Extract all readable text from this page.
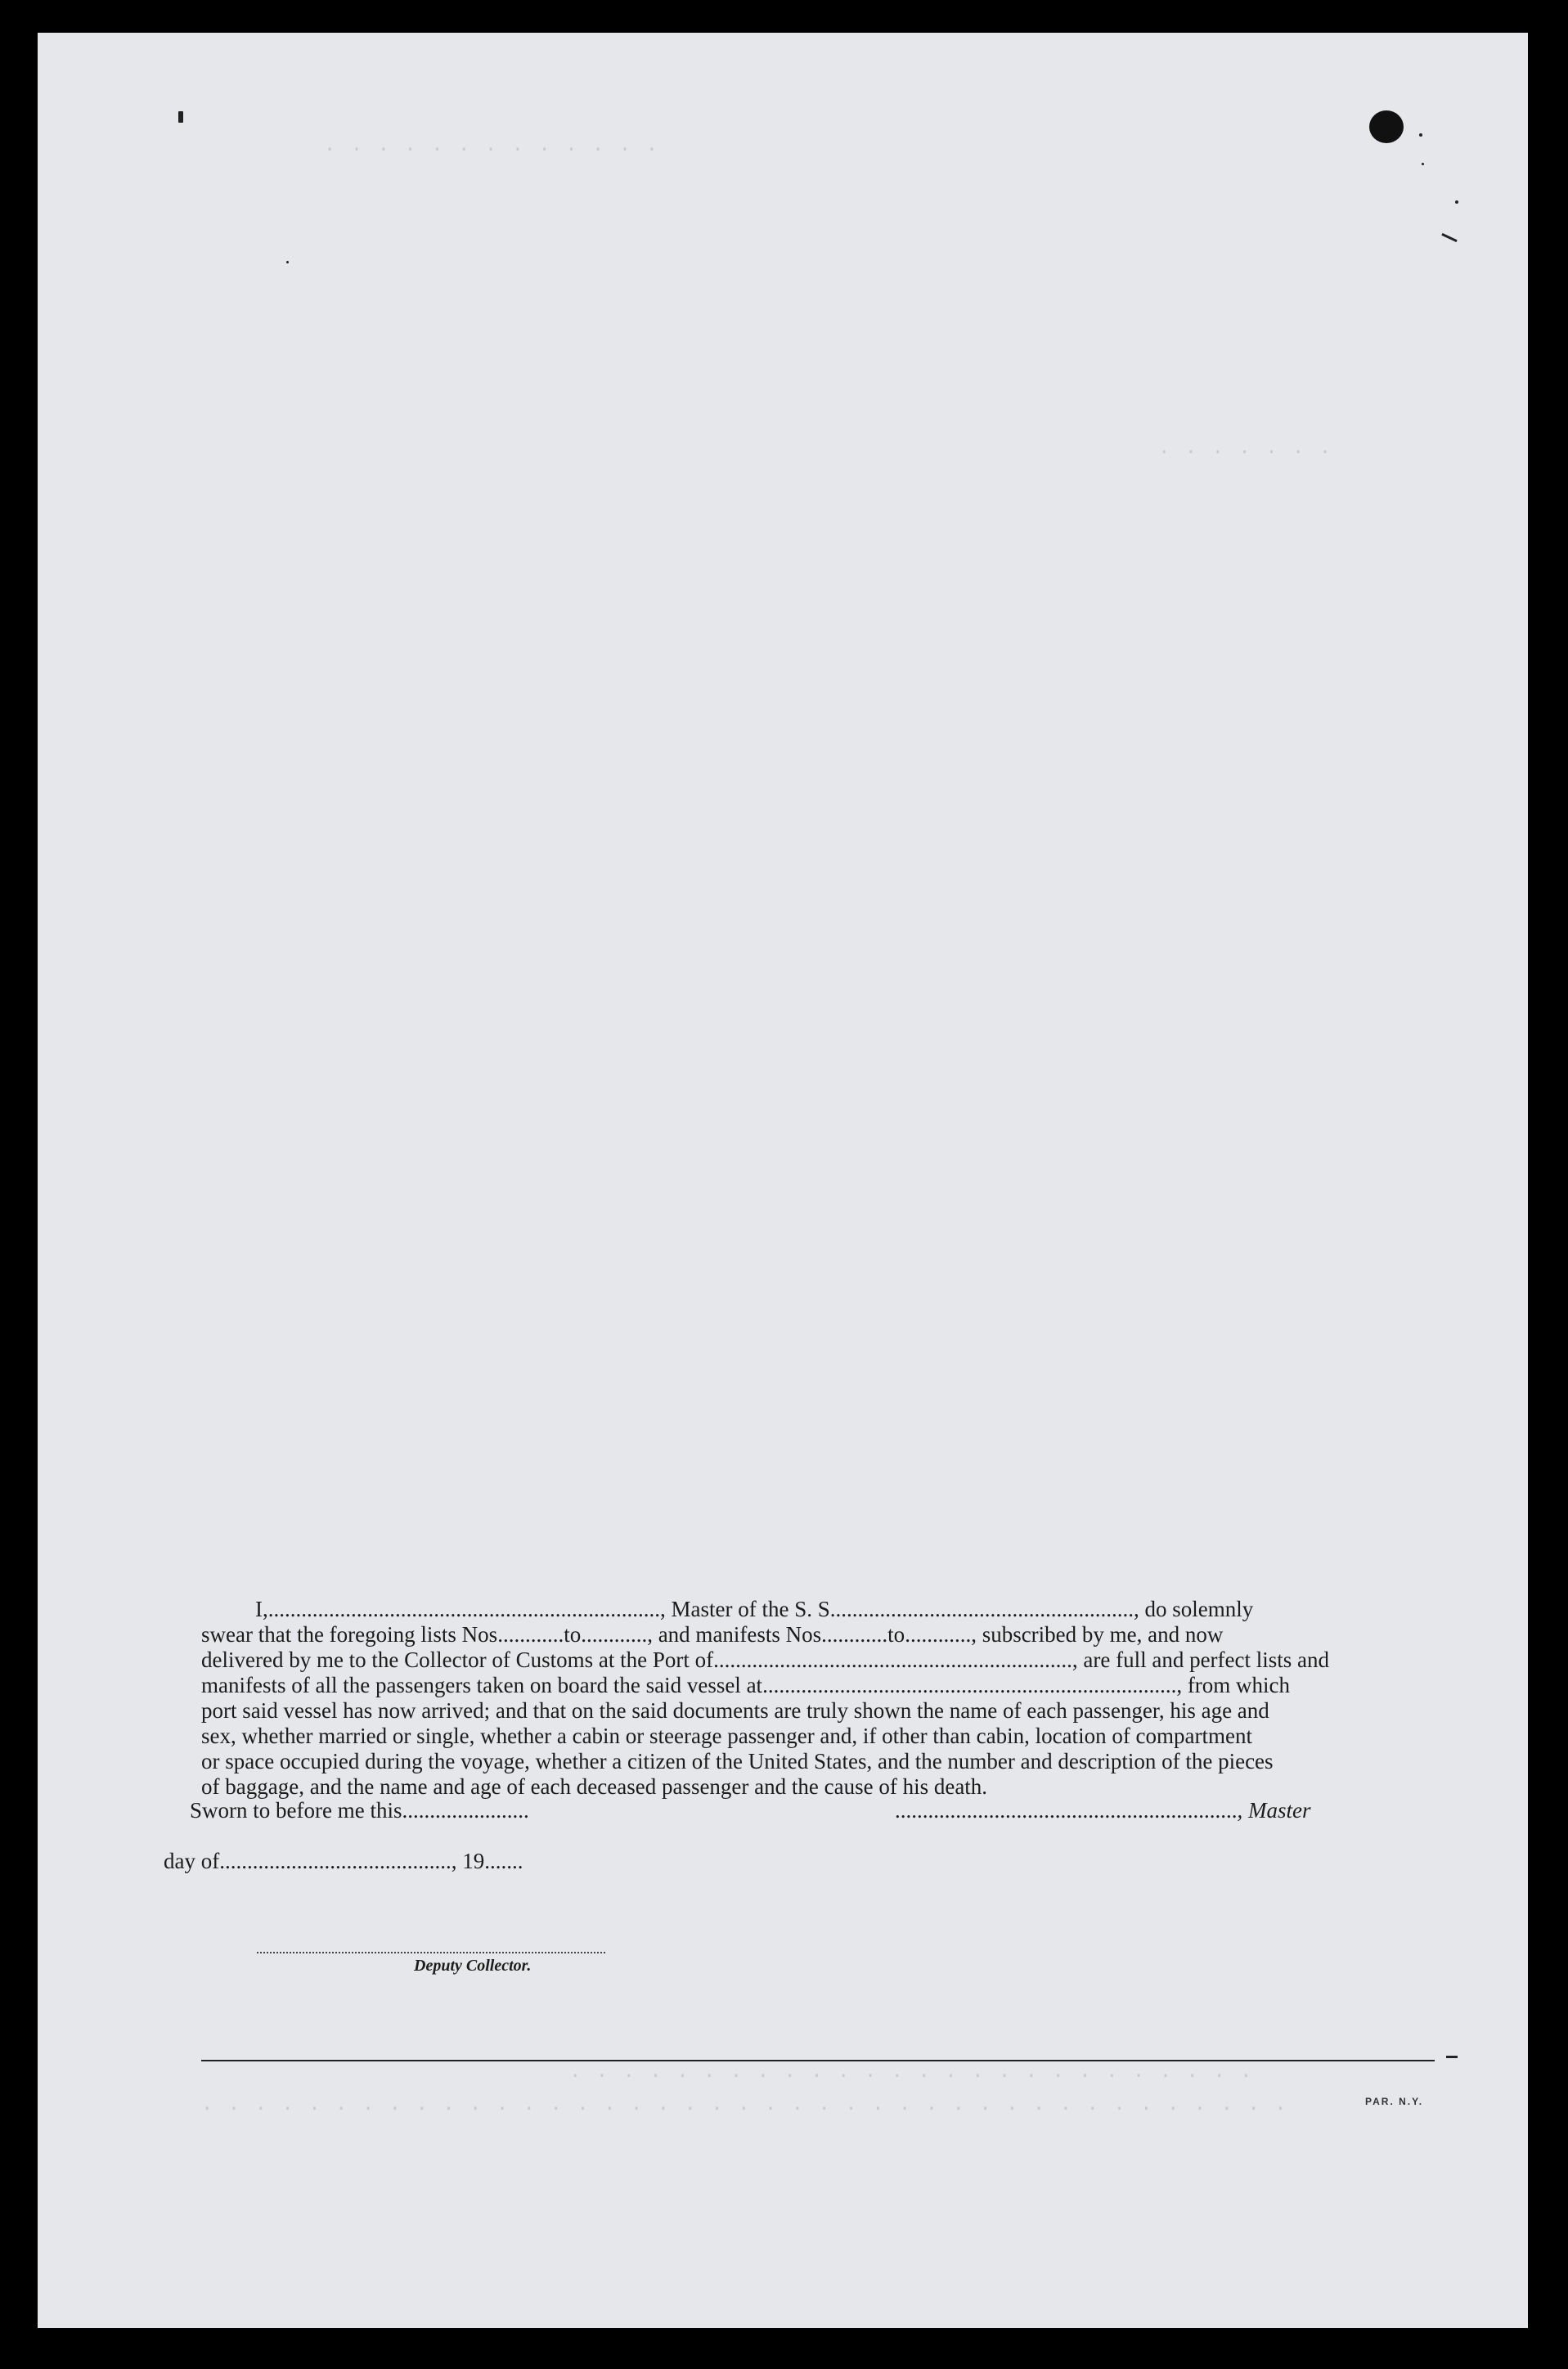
· · · · · · · · · · · · ·
· · · · · · ·
· · · · · · · · · · · · · · · · · · · · · · · · · ·
· · · · · · · · · · · · · · · · · · · · · · · · · · · · · · · · · · · · · · · · ·

I,......................................................................., Master of the S. S......................................................., do solemnly

swear that the foregoing lists Nos............to............, and manifests Nos............to............, subscribed by me, and now

delivered by me to the Collector of Customs at the Port of................................................................., are full and perfect lists and

manifests of all the passengers taken on board the said vessel at..........................................................................., from which

port said vessel has now arrived; and that on the said documents are truly shown the name of each passenger, his age and

sex, whether married or single, whether a cabin or steerage passenger and, if other than cabin, location of compartment

or space occupied during the voyage, whether a citizen of the United States, and the number and description of the pieces

of baggage, and the name and age of each deceased passenger and the cause of his death.

Sworn to before me this.......................	.............................................................., Master
day of.........................................., 19.......
Deputy Collector.
PAR. N.Y.
